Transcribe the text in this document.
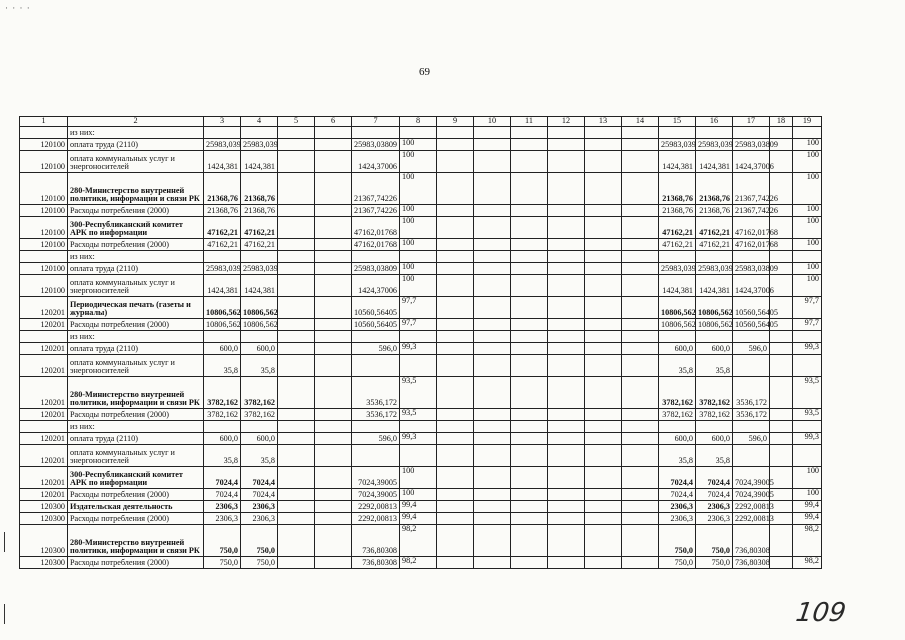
· · · ·
69
1	2	3	4	5	6	7	8	9	10	11	12	13	14	15	16	17	18	19
	из них:																	
120100	оплата труда (2110)	25983,039	25983,039			25983,03809	100							25983,039	25983,039	25983,03809		100
120100	оплата коммунальных услуг и энергоносителей	1424,381	1424,381			1424,37006	100							1424,381	1424,381	1424,37006		100
120100	280-Министерство внутренней политики, информации и связи РК	21368,76	21368,76			21367,74226	100							21368,76	21368,76	21367,74226		100
120100	Расходы потребления (2000)	21368,76	21368,76			21367,74226	100							21368,76	21368,76	21367,74226		100
120100	300-Республиканский комитет АРК по информации	47162,21	47162,21			47162,01768	100							47162,21	47162,21	47162,01768		100
120100	Расходы потребления (2000)	47162,21	47162,21			47162,01768	100							47162,21	47162,21	47162,01768		100
	из них:																	
120100	оплата труда (2110)	25983,039	25983,039			25983,03809	100							25983,039	25983,039	25983,03809		100
120100	оплата коммунальных услуг и энергоносителей	1424,381	1424,381			1424,37006	100							1424,381	1424,381	1424,37006		100
120201	Периодическая печать (газеты и журналы)	10806,562	10806,562			10560,56405	97,7							10806,562	10806,562	10560,56405		97,7
120201	Расходы потребления (2000)	10806,562	10806,562			10560,56405	97,7							10806,562	10806,562	10560,56405		97,7
	из них:																	
120201	оплата труда (2110)	600,0	600,0			596,0	99,3							600,0	600,0	596,0		99,3
120201	оплата коммунальных услуг и энергоносителей	35,8	35,8											35,8	35,8			
120201	280-Министерство внутренней политики, информации и связи РК	3782,162	3782,162			3536,172	93,5							3782,162	3782,162	3536,172		93,5
120201	Расходы потребления (2000)	3782,162	3782,162			3536,172	93,5							3782,162	3782,162	3536,172		93,5
	из них:																	
120201	оплата труда (2110)	600,0	600,0			596,0	99,3							600,0	600,0	596,0		99,3
120201	оплата коммунальных услуг и энергоносителей	35,8	35,8											35,8	35,8			
120201	300-Республиканский комитет АРК по информации	7024,4	7024,4			7024,39005	100							7024,4	7024,4	7024,39005		100
120201	Расходы потребления (2000)	7024,4	7024,4			7024,39005	100							7024,4	7024,4	7024,39005		100
120300	Издательская деятельность	2306,3	2306,3			2292,00813	99,4							2306,3	2306,3	2292,00813		99,4
120300	Расходы потребления (2000)	2306,3	2306,3			2292,00813	99,4							2306,3	2306,3	2292,00813		99,4
120300	280-Министерство внутренней политики, информации и связи РК	750,0	750,0			736,80308	98,2							750,0	750,0	736,80308		98,2
120300	Расходы потребления (2000)	750,0	750,0			736,80308	98,2							750,0	750,0	736,80308		98,2
109
